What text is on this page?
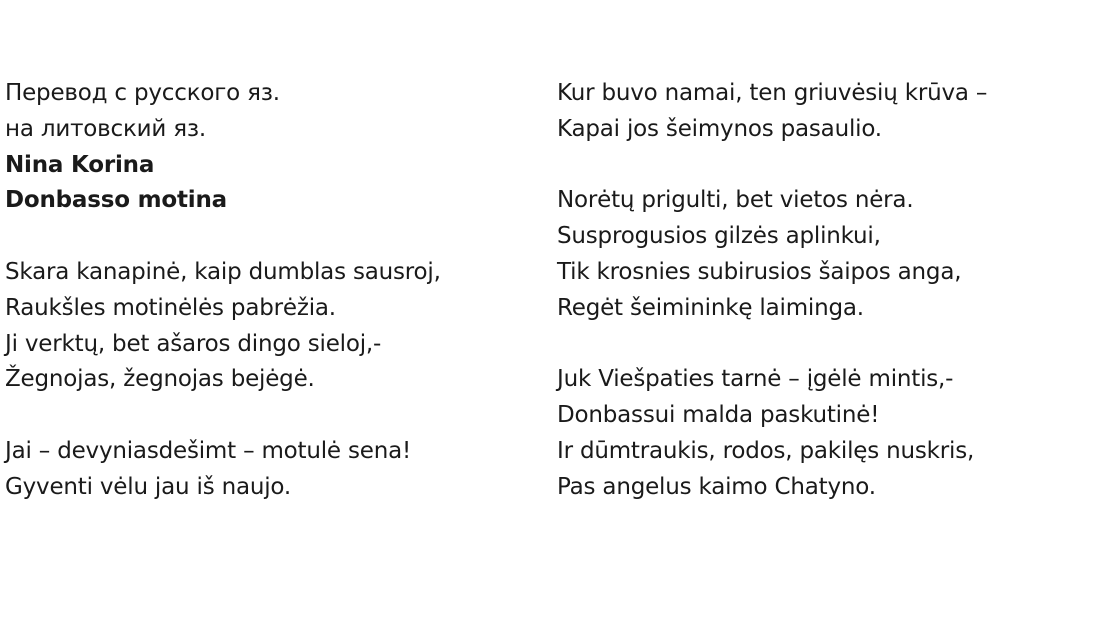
Перевод с русского яз.
на литовский яз.
Nina Korina
Donbasso motina
Skara kanapinė, kaip dumblas sausroj,
Raukšles motinėlės pabrėžia.
Ji verktų, bet ašaros dingo sieloj,-
Žegnojas, žegnojas bejėgė.
Jai – devyniasdešimt – motulė sena!
Gyventi vėlu jau iš naujo.
Kur buvo namai, ten griuvėsių krūva –
Kapai jos šeimynos pasaulio.
Norėtų prigulti, bet vietos nėra.
Susprogusios gilzės aplinkui,
Tik krosnies subirusios šaipos anga,
Regėt šeimininkę laiminga.
Juk Viešpaties tarnė – įgėlė mintis,-
Donbassui malda paskutinė!
Ir dūmtraukis, rodos, pakilęs nuskris,
Pas angelus kaimo Chatyno.
